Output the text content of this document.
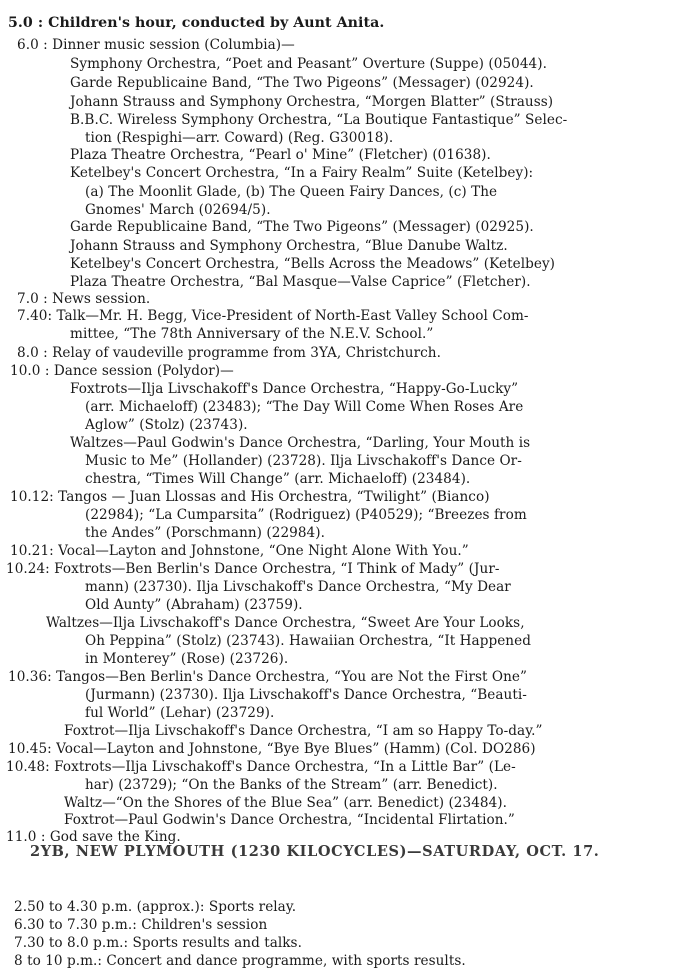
5.0 : Children's hour, conducted by Aunt Anita.
6.0 : Dinner music session (Columbia)—
Symphony Orchestra, “Poet and Peasant” Overture (Suppe) (05044).
Garde Republicaine Band, “The Two Pigeons” (Messager) (02924).
Johann Strauss and Symphony Orchestra, “Morgen Blatter” (Strauss)
B.B.C. Wireless Symphony Orchestra, “La Boutique Fantastique” Selec-
tion (Respighi—arr. Coward) (Reg. G30018).
Plaza Theatre Orchestra, “Pearl o' Mine” (Fletcher) (01638).
Ketelbey's Concert Orchestra, “In a Fairy Realm” Suite (Ketelbey):
(a) The Moonlit Glade, (b) The Queen Fairy Dances, (c) The
Gnomes' March (02694/5).
Garde Republicaine Band, “The Two Pigeons” (Messager) (02925).
Johann Strauss and Symphony Orchestra, “Blue Danube Waltz.
Ketelbey's Concert Orchestra, “Bells Across the Meadows” (Ketelbey)
Plaza Theatre Orchestra, “Bal Masque—Valse Caprice” (Fletcher).
7.0 : News session.
7.40: Talk—Mr. H. Begg, Vice-President of North-East Valley School Com-
mittee, “The 78th Anniversary of the N.E.V. School.”
8.0 : Relay of vaudeville programme from 3YA, Christchurch.
10.0 : Dance session (Polydor)—
Foxtrots—Ilja Livschakoff's Dance Orchestra, “Happy-Go-Lucky”
(arr. Michaeloff) (23483); “The Day Will Come When Roses Are
Aglow” (Stolz) (23743).
Waltzes—Paul Godwin's Dance Orchestra, “Darling, Your Mouth is
Music to Me” (Hollander) (23728). Ilja Livschakoff's Dance Or-
chestra, “Times Will Change” (arr. Michaeloff) (23484).
10.12: Tangos — Juan Llossas and His Orchestra, “Twilight” (Bianco)
(22984); “La Cumparsita” (Rodriguez) (P40529); “Breezes from
the Andes” (Porschmann) (22984).
10.21: Vocal—Layton and Johnstone, “One Night Alone With You.”
10.24: Foxtrots—Ben Berlin's Dance Orchestra, “I Think of Mady” (Jur-
mann) (23730). Ilja Livschakoff's Dance Orchestra, “My Dear
Old Aunty” (Abraham) (23759).
Waltzes—Ilja Livschakoff's Dance Orchestra, “Sweet Are Your Looks,
Oh Peppina” (Stolz) (23743). Hawaiian Orchestra, “It Happened
in Monterey” (Rose) (23726).
10.36: Tangos—Ben Berlin's Dance Orchestra, “You are Not the First One”
(Jurmann) (23730). Ilja Livschakoff's Dance Orchestra, “Beauti-
ful World” (Lehar) (23729).
Foxtrot—Ilja Livschakoff's Dance Orchestra, “I am so Happy To-day.”
10.45: Vocal—Layton and Johnstone, “Bye Bye Blues” (Hamm) (Col. DO286)
10.48: Foxtrots—Ilja Livschakoff's Dance Orchestra, “In a Little Bar” (Le-
har) (23729); “On the Banks of the Stream” (arr. Benedict).
Waltz—“On the Shores of the Blue Sea” (arr. Benedict) (23484).
Foxtrot—Paul Godwin's Dance Orchestra, “Incidental Flirtation.”
11.0 : God save the King.
2YB, NEW PLYMOUTH (1230 KILOCYCLES)—SATURDAY, OCT. 17.
2.50 to 4.30 p.m. (approx.): Sports relay.
6.30 to 7.30 p.m.: Children's session
7.30 to 8.0 p.m.: Sports results and talks.
8 to 10 p.m.: Concert and dance programme, with sports results.
